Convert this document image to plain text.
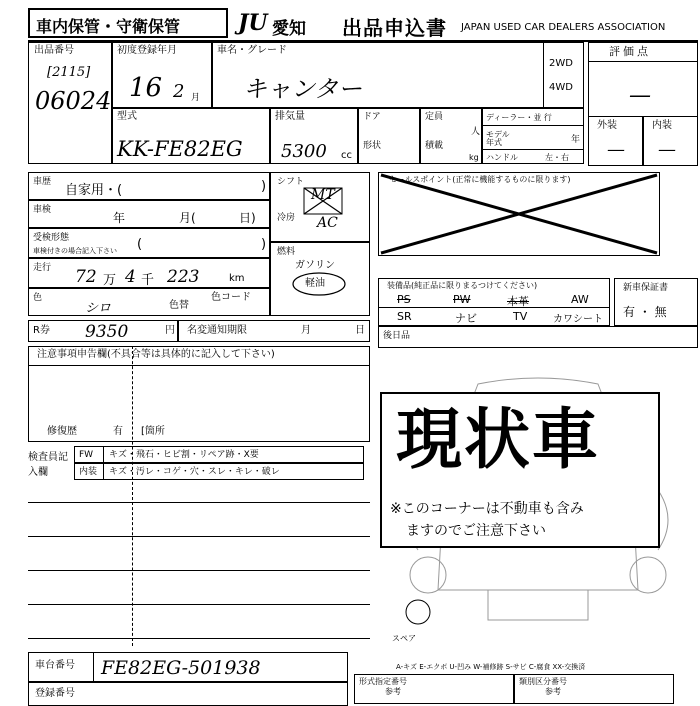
車内保管・守衛保管	JU 愛知 出品申込書 JAPAN USED CAR DEALERS ASSOCIATION
出品番号
[2115]
06024
初度登録年月
16 2 月
車名・グレード
キャンター
2WD
4WD
評価点
—
型式
KK-FE82EG
排気量
5300 cc
ドア
形状
定員
人
積載
kg
ディーラー・並 行
モデル年式	年
ハンドル	左・右
外装
—
内装
—
車歴
自家用・(	)
車検
年	月(	日)
受検形態
車検付きの場合記入下さい (	)
走行 72 万 4 千 223	km
色
シロ	色替
色コード
シフト
MT
冷房 AC
燃料
ガソリン
軽油
セールスポイント(正常に機能するものに限ります)
装備品(純正品に限りまるつけてください)
PS	PW	本革	AW
SR	ナビ	TV	カワシート
新車保証書
有 ・ 無
R券 9350	円 名変通知期限	月	日 後日品
注意事項申告欄(不具合等は具体的に記入して下さい)
修復歴	有 [箇所
検査員記入欄
FW キズ・飛石・ヒビ割・リペア跡・X要
内装 キズ・汚レ・コゲ・穴・スレ・キレ・破レ
スペア
A-キズ E-エクボ U-凹み W-補修跡 S-サビ C-腐食 XX-交換済
現状車
※このコーナーは不動車も含み
ますのでご注意下さい
車台番号 FE82EG-501938
登録番号
形式指定番号
参考
類別区分番号
参考
